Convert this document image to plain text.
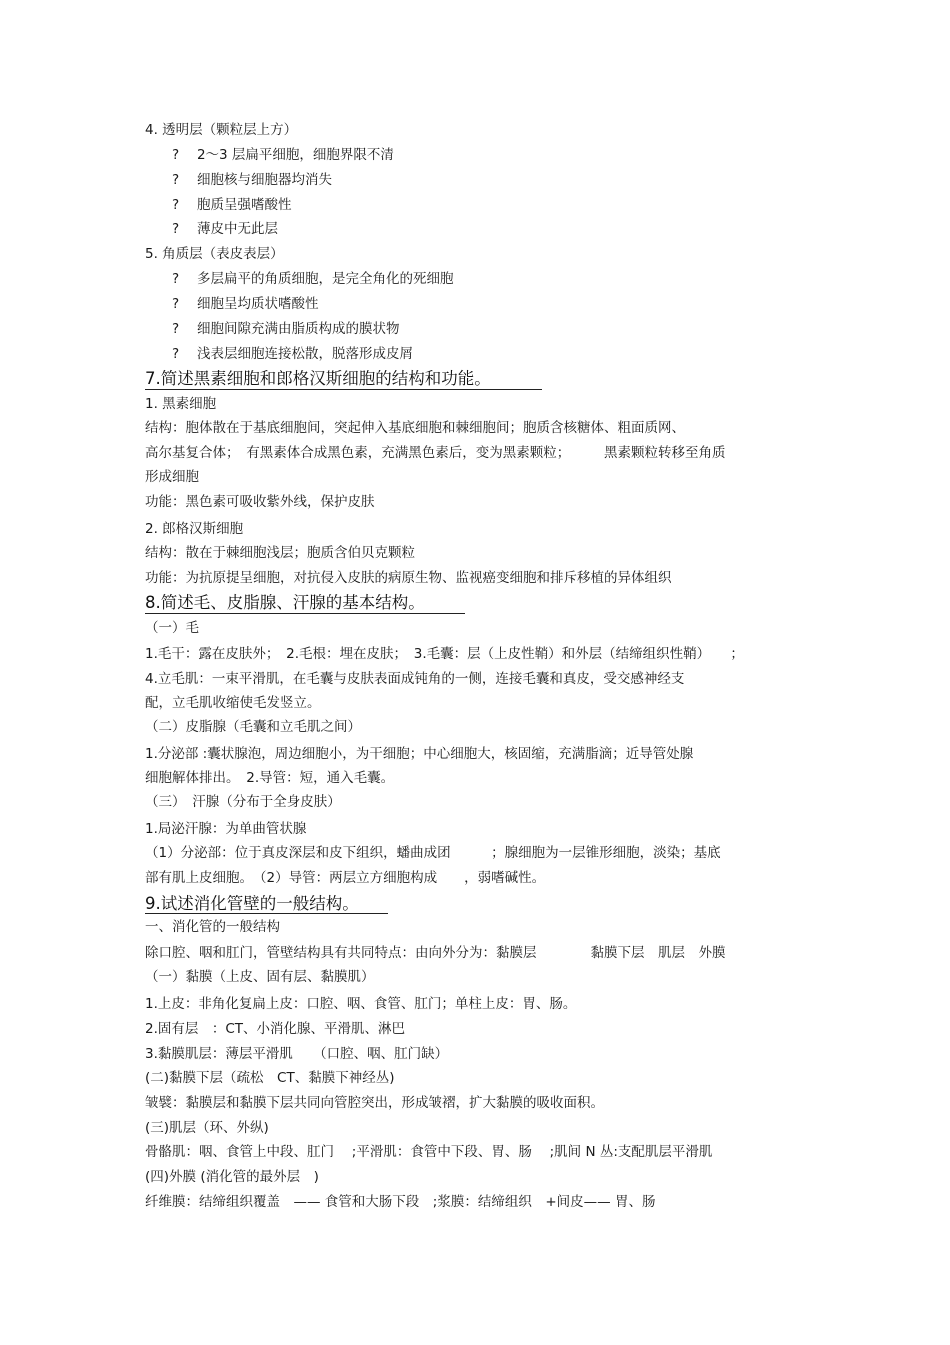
4. 透明层（颗粒层上方）
?　 2～3 层扁平细胞，细胞界限不清
?　 细胞核与细胞器均消失
?　 胞质呈强嗜酸性
?　 薄皮中无此层
5. 角质层（表皮表层）
?　 多层扁平的角质细胞，是完全角化的死细胞
?　 细胞呈均质状嗜酸性
?　 细胞间隙充满由脂质构成的膜状物
?　 浅表层细胞连接松散，脱落形成皮屑
7.简述黑素细胞和郎格汉斯细胞的结构和功能。
1. 黑素细胞
结构：胞体散在于基底细胞间，突起伸入基底细胞和棘细胞间；胞质含核糖体、粗面质网、
高尔基复合体；　有黑素体合成黑色素，充满黑色素后，变为黑素颗粒；　　　黑素颗粒转移至角质
形成细胞
功能：黑色素可吸收紫外线，保护皮肤
2. 郎格汉斯细胞
结构：散在于棘细胞浅层；胞质含伯贝克颗粒
功能：为抗原提呈细胞，对抗侵入皮肤的病原生物、监视癌变细胞和排斥移植的异体组织
8.简述毛、皮脂腺、汗腺的基本结构。
（一）毛
1.毛干：露在皮肤外；　2.毛根：埋在皮肤；　3.毛囊：层（上皮性鞘）和外层（结缔组织性鞘）　　；
4.立毛肌：一束平滑肌，在毛囊与皮肤表面成钝角的一侧，连接毛囊和真皮，受交感神经支
配，立毛肌收缩使毛发竖立。
（二）皮脂腺（毛囊和立毛肌之间）
1.分泌部 :囊状腺泡，周边细胞小，为干细胞；中心细胞大，核固缩，充满脂滴；近导管处腺
细胞解体排出。　2.导管：短，通入毛囊。
（三）　汗腺（分布于全身皮肤）
1.局泌汗腺：为单曲管状腺
（1）分泌部：位于真皮深层和皮下组织，蟠曲成团　　　；腺细胞为一层锥形细胞，淡染；基底
部有肌上皮细胞。　（2）导管：两层立方细胞构成　　，弱嗜碱性。
9.试述消化管壁的一般结构。
一、消化管的一般结构
除口腔、咽和肛门，管壁结构具有共同特点：由向外分为：黏膜层　　　　黏膜下层　肌层　外膜
（一）黏膜（上皮、固有层、黏膜肌）
1.上皮：非角化复扁上皮：口腔、咽、食管、肛门；单柱上皮：胃、肠。
2.固有层　：CT、小消化腺、平滑肌、淋巴
3.黏膜肌层：薄层平滑肌　　（口腔、咽、肛门缺）
(二)黏膜下层（疏松　CT、黏膜下神经丛)
皱襞：黏膜层和黏膜下层共同向管腔突出，形成皱褶，扩大黏膜的吸收面积。
(三)肌层（环、外纵)
骨骼肌：咽、食管上中段、肛门　 ;平滑肌：食管中下段、胃、肠　 ;肌间 N 丛:支配肌层平滑肌
(四)外膜 (消化管的最外层　)
纤维膜：结缔组织覆盖　—— 食管和大肠下段　;浆膜：结缔组织　+间皮—— 胃、肠
